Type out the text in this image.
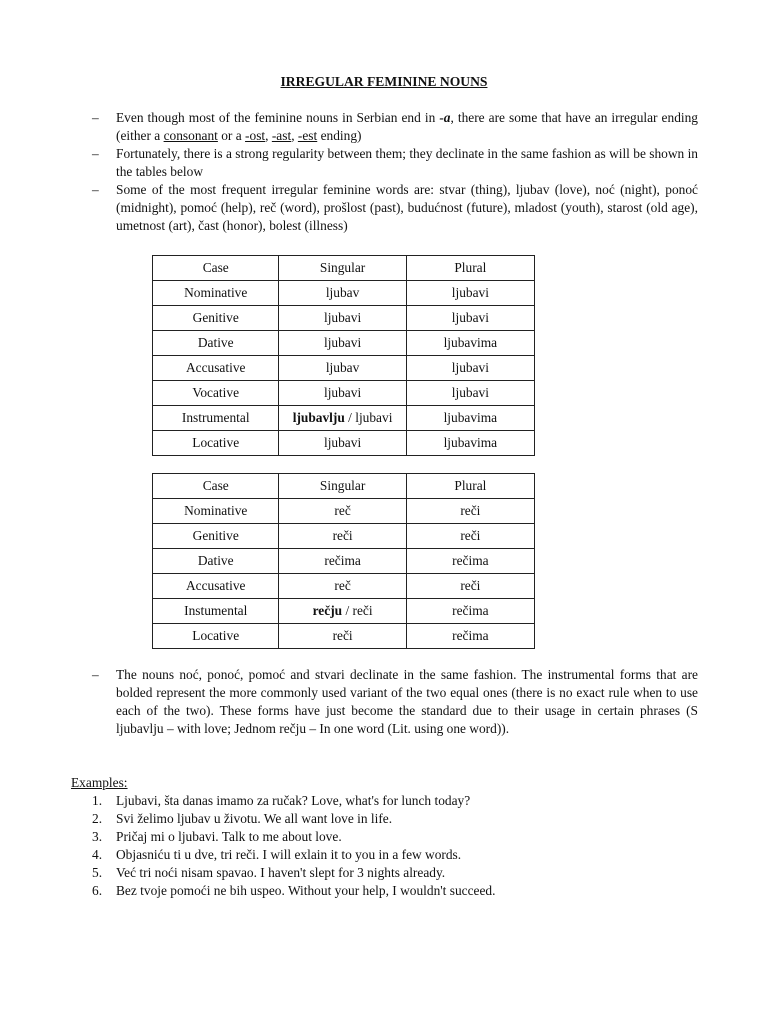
IRREGULAR FEMININE NOUNS
– Even though most of the feminine nouns in Serbian end in -a, there are some that have an irregular ending (either a consonant or a -ost, -ast, -est ending)
– Fortunately, there is a strong regularity between them; they declinate in the same fashion as will be shown in the tables below
– Some of the most frequent irregular feminine words are: stvar (thing), ljubav (love), noć (night), ponoć (midnight), pomoć (help), reč (word), prošlost (past), budućnost (future), mladost (youth), starost (old age), umetnost (art), čast (honor), bolest (illness)
Case	Singular	Plural
Nominative	ljubav	ljubavi
Genitive	ljubavi	ljubavi
Dative	ljubavi	ljubavima
Accusative	ljubav	ljubavi
Vocative	ljubavi	ljubavi
Instrumental	ljubavlju / ljubavi	ljubavima
Locative	ljubavi	ljubavima
Case	Singular	Plural
Nominative	reč	reči
Genitive	reči	reči
Dative	rečima	rečima
Accusative	reč	reči
Instumental	rečju / reči	rečima
Locative	reči	rečima
– The nouns noć, ponoć, pomoć and stvari declinate in the same fashion. The instrumental forms that are bolded represent the more commonly used variant of the two equal ones (there is no exact rule when to use each of the two). These forms have just become the standard due to their usage in certain phrases (S ljubavlju – with love; Jednom rečju – In one word (Lit. using one word)).
Examples:
1. Ljubavi, šta danas imamo za ručak? Love, what's for lunch today?
2. Svi želimo ljubav u životu. We all want love in life.
3. Pričaj mi o ljubavi. Talk to me about love.
4. Objasniću ti u dve, tri reči. I will exlain it to you in a few words.
5. Već tri noći nisam spavao. I haven't slept for 3 nights already.
6. Bez tvoje pomoći ne bih uspeo. Without your help, I wouldn't succeed.
